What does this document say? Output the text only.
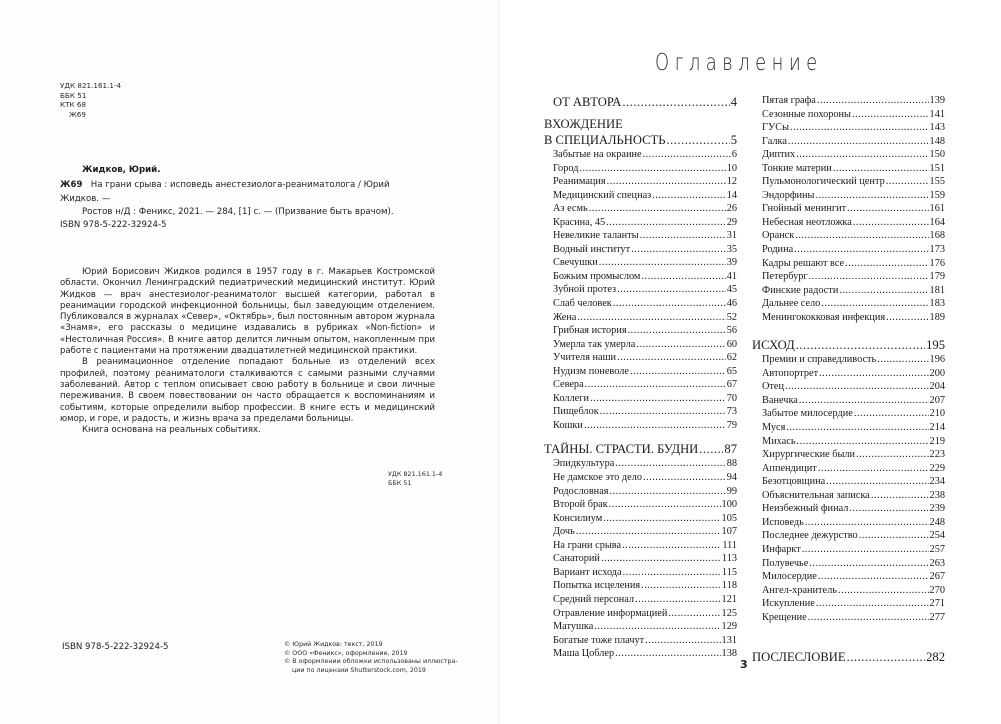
УДК 821.161.1-4
ББК 51
КТК 68
Ж69
Жидков, Юрий.
Ж69 На грани срыва : исповедь анестезиолога-реаниматолога / Юрий Жидков. —
Ростов н/Д : Феникс, 2021. — 284, [1] с. — (Призвание быть врачом).
ISBN 978-5-222-32924-5

Юрий Борисович Жидков родился в 1957 году в г. Макарьев Костромской области. Окончил Ленинградский педиатрический медицинский институт. Юрий Жидков — врач анестезиолог-реаниматолог высшей категории, работал в реанимации городской инфекционной больницы, был заведующим отделением. Публиковался в журналах «Север», «Октябрь», был постоянным автором журнала «Знамя», его рассказы о медицине издавались в рубриках «Non-fiction» и «Нестоличная Россия». В книге автор делится личным опытом, накопленным при работе с пациентами на протяжении двадцатилетней медицинской практики.

В реанимационное отделение попадают больные из отделений всех профилей, поэтому реаниматологи сталкиваются с самыми разными случаями заболеваний. Автор с теплом описывает свою работу в больнице и свои личные переживания. В своем повествовании он часто обращается к воспоминаниям и событиям, которые определили выбор профессии. В книге есть и медицинский юмор, и горе, и радость, и жизнь врача за пределами больницы.

Книга основана на реальных событиях.

УДК 821.161.1-4
ББК 51
ISBN 978-5-222-32924-5	© Юрий Жидков: текст, 2019
© ООО «Феникс», оформление, 2019
© В оформлении обложки использованы иллюстра-
ции по лицензии Shutterstock.com, 2019
Оглавление
ОТ АВТОРА .....	4
ВХОЖДЕНИЕ
В СПЕЦИАЛЬНОСТЬ .....	5
Забытые на окраине .....	6
Город .....	10
Реанимация .....	12
Медицинский спецназ .....	14
Аз есмь .....	26
Красина, 45 .....	29
Невеликие таланты .....	31
Водный институт .....	35
Свечушки .....	39
Божьим промыслом .....	41
Зубной протез .....	45
Слаб человек .....	46
Жена .....	52
Грибная история .....	56
Умерла так умерла .....	60
Учителя наши .....	62
Нудизм поневоле .....	65
Севера .....	67
Коллеги .....	70
Пищеблок .....	73
Кошки .....	79
ТАЙНЫ. СТРАСТИ. БУДНИ ..... 87
Эпидкультура .....	88
Не дамское это дело .....	94
Родословная .....	99
Второй брак .....	100
Консилиум .....	105
Дочь .....	107
На грани срыва .....	111
Санаторий .....	113
Вариант исхода .....	115
Попытка исцеления .....	118
Средний персонал .....	121
Отравление информацией .....	125
Матушка .....	129
Богатые тоже плачут .....	131
Маша Цоблер .....	138
Пятая графа .....	139
Сезонные похороны .....	141
ГУСы .....	143
Галка .....	148
Диптих .....	150
Тонкие материи .....	151
Пульмонологический центр .....	155
Эндорфины .....	159
Гнойный менингит .....	161
Небесная неотложка .....	164
Оранск .....	168
Родина .....	173
Кадры решают все .....	176
Петербург .....	179
Финские радости .....	181
Дальнее село .....	183
Менингококковая инфекция .....	189
ИСХОД .....	195
Премии и справедливость .....	196
Автопортрет .....	200
Отец .....	204
Ванечка .....	207
Забытое милосердие .....	210
Муся .....	214
Михась .....	219
Хирургические были .....	223
Аппендицит .....	229
Безотцовщина .....	234
Объяснительная записка .....	238
Неизбежный финал .....	239
Исповедь .....	248
Последнее дежурство .....	254
Инфаркт .....	257
Полувечье .....	263
Милосердие .....	267
Ангел-хранитель .....	270
Искупление .....	271
Крещение .....	277
ПОСЛЕСЛОВИЕ .....	282
3
